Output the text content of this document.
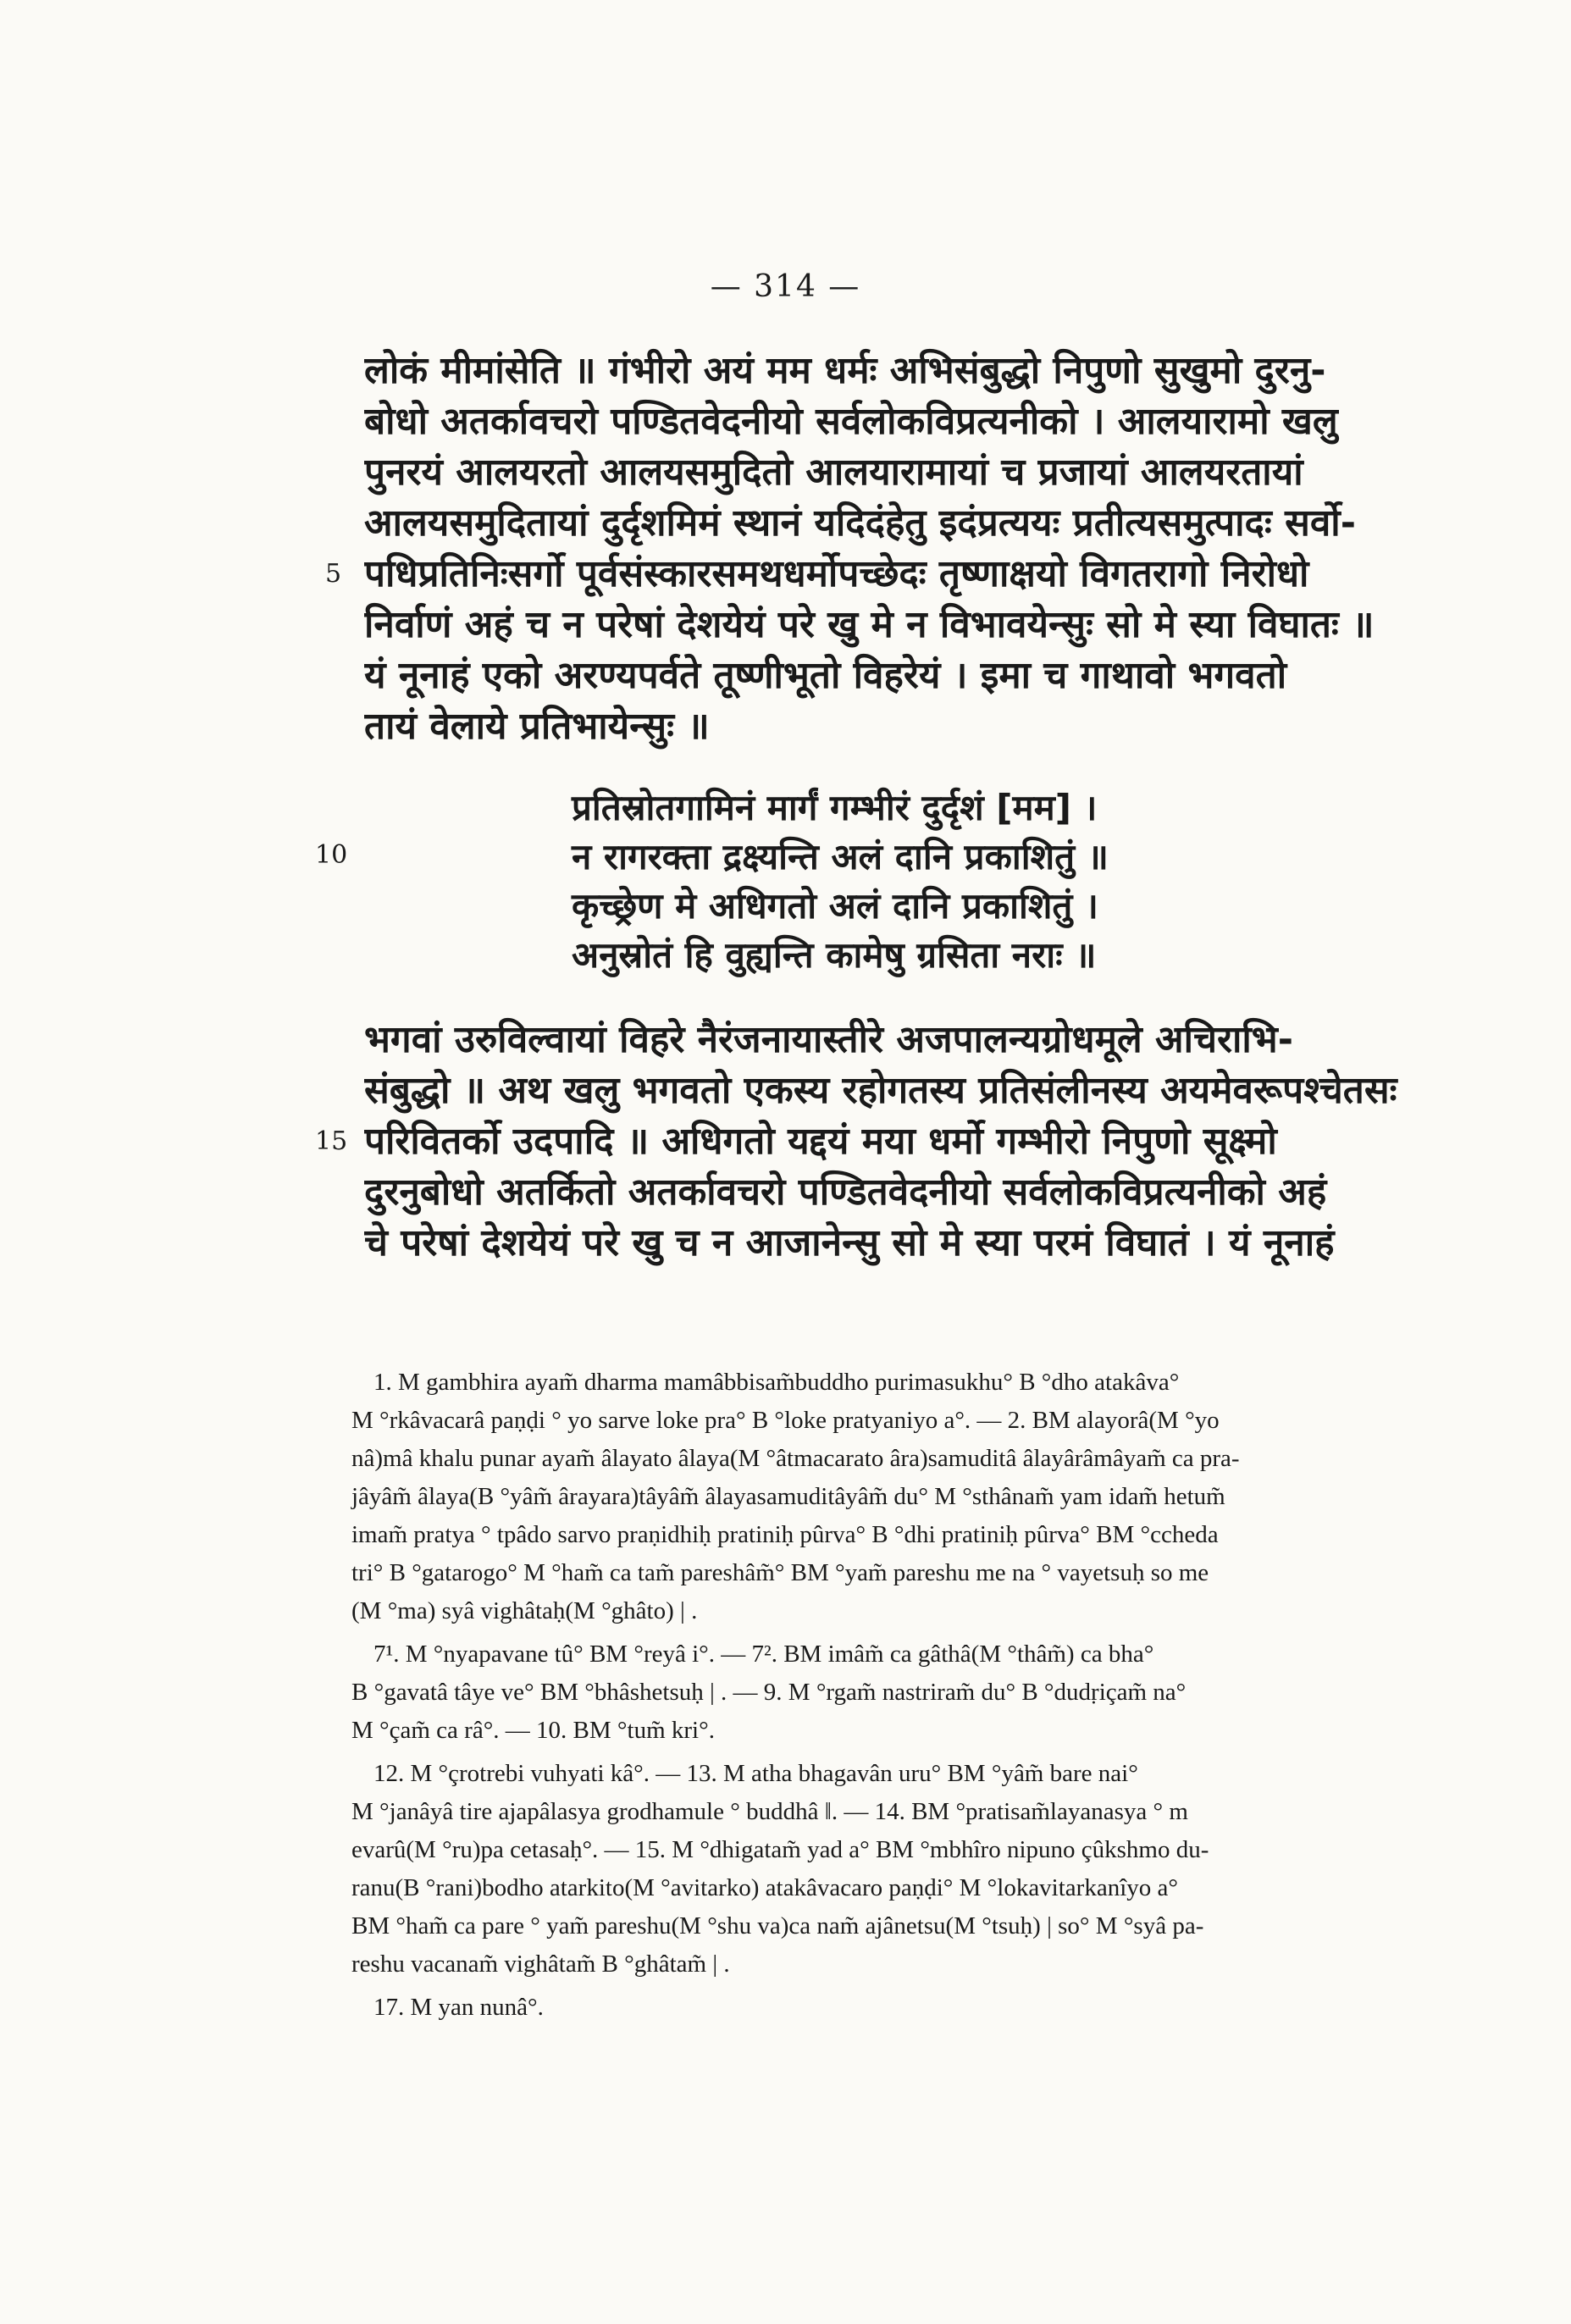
— 314 —
लोकं मीमांसेति ॥ गंभीरो अयं मम धर्मः अभिसंबुद्धो निपुणो सुखुमो दुरनु-
बोधो अतर्कावचरो पण्डितवेदनीयो सर्वलोकविप्रत्यनीको । आलयारामो खलु
पुनरयं आलयरतो आलयसमुदितो आलयारामायां च प्रजायां आलयरतायां
आलयसमुदितायां दुर्दृशमिमं स्थानं यदिदंहेतु इदंप्रत्ययः प्रतीत्यसमुत्पादः सर्वो-
पधिप्रतिनिःसर्गो पूर्वसंस्कारसमथधर्मोपच्छेदः तृष्णाक्षयो विगतरागो निरोधो
निर्वाणं अहं च न परेषां देशयेयं परे खु मे न विभावयेन्सुः सो मे स्या विघातः ॥
यं नूनाहं एको अरण्यपर्वते तूष्णीभूतो विहरेयं । इमा च गाथावो भगवतो
तायं वेलाये प्रतिभायेन्सुः ॥
5
प्रतिस्रोतगामिनं मार्गं गम्भीरं दुर्दृशं [मम] ।
न रागरक्ता द्रक्ष्यन्ति अलं दानि प्रकाशितुं ॥
कृच्छ्रेण मे अधिगतो अलं दानि प्रकाशितुं ।
अनुस्रोतं हि वुह्यन्ति कामेषु ग्रसिता नराः ॥
10
भगवां उरुविल्वायां विहरे नैरंजनायास्तीरे अजपालन्यग्रोधमूले अचिराभि-
संबुद्धो ॥ अथ खलु भगवतो एकस्य रहोगतस्य प्रतिसंलीनस्य अयमेवरूपश्चेतसः
परिवितर्को उदपादि ॥ अधिगतो यद्दयं मया धर्मो गम्भीरो निपुणो सूक्ष्मो
दुरनुबोधो अतर्कितो अतर्कावचरो पण्डितवेदनीयो सर्वलोकविप्रत्यनीको अहं
चे परेषां देशयेयं परे खु च न आजानेन्सु सो मे स्या परमं विघातं । यं नूनाहं
15
1. M gambhira ayam̃ dharma mamâbbisam̃buddho purimasukhu° B °dho atakâva°
M °rkâvacarâ paṇḍi ° yo sarve loke pra° B °loke pratyaniyo a°. — 2. BM alayorâ(M °yo
nâ)mâ khalu punar ayam̃ âlayato âlaya(M °âtmacarato âra)samuditâ âlayârâmâyam̃ ca pra-
jâyâm̃ âlaya(B °yâm̃ ârayara)tâyâm̃ âlayasamuditâyâm̃ du° M °sthânam̃ yam idam̃ hetum̃
imam̃ pratya ° tpâdo sarvo praṇidhiḥ pratiniḥ pûrva° B °dhi pratiniḥ pûrva° BM °ccheda
tri° B °gatarogo° M °ham̃ ca tam̃ pareshâm̃° BM °yam̃ pareshu me na ° vayetsuḥ so me
(M °ma) syâ vighâtaḥ(M °ghâto) | .
7¹. M °nyapavane tû° BM °reyâ i°. — 7². BM imâm̃ ca gâthâ(M °thâm̃) ca bha°
B °gavatâ tâye ve° BM °bhâshetsuḥ | . — 9. M °rgam̃ nastriram̃ du° B °dudṛiçam̃ na°
M °çam̃ ca râ°. — 10. BM °tum̃ kri°.
12. M °çrotrebi vuhyati kâ°. — 13. M atha bhagavân uru° BM °yâm̃ bare nai°
M °janâyâ tire ajapâlasya grodhamule ° buddhâ ‖. — 14. BM °pratisam̃layanasya ° m
evarû(M °ru)pa cetasaḥ°. — 15. M °dhigatam̃ yad a° BM °mbhîro nipuno çûkshmo du-
ranu(B °rani)bodho atarkito(M °avitarko) atakâvacaro paṇḍi° M °lokavitarkanîyo a°
BM °ham̃ ca pare ° yam̃ pareshu(M °shu va)ca nam̃ ajânetsu(M °tsuḥ) | so° M °syâ pa-
reshu vacanam̃ vighâtam̃ B °ghâtam̃ | .
17. M yan nunâ°.
